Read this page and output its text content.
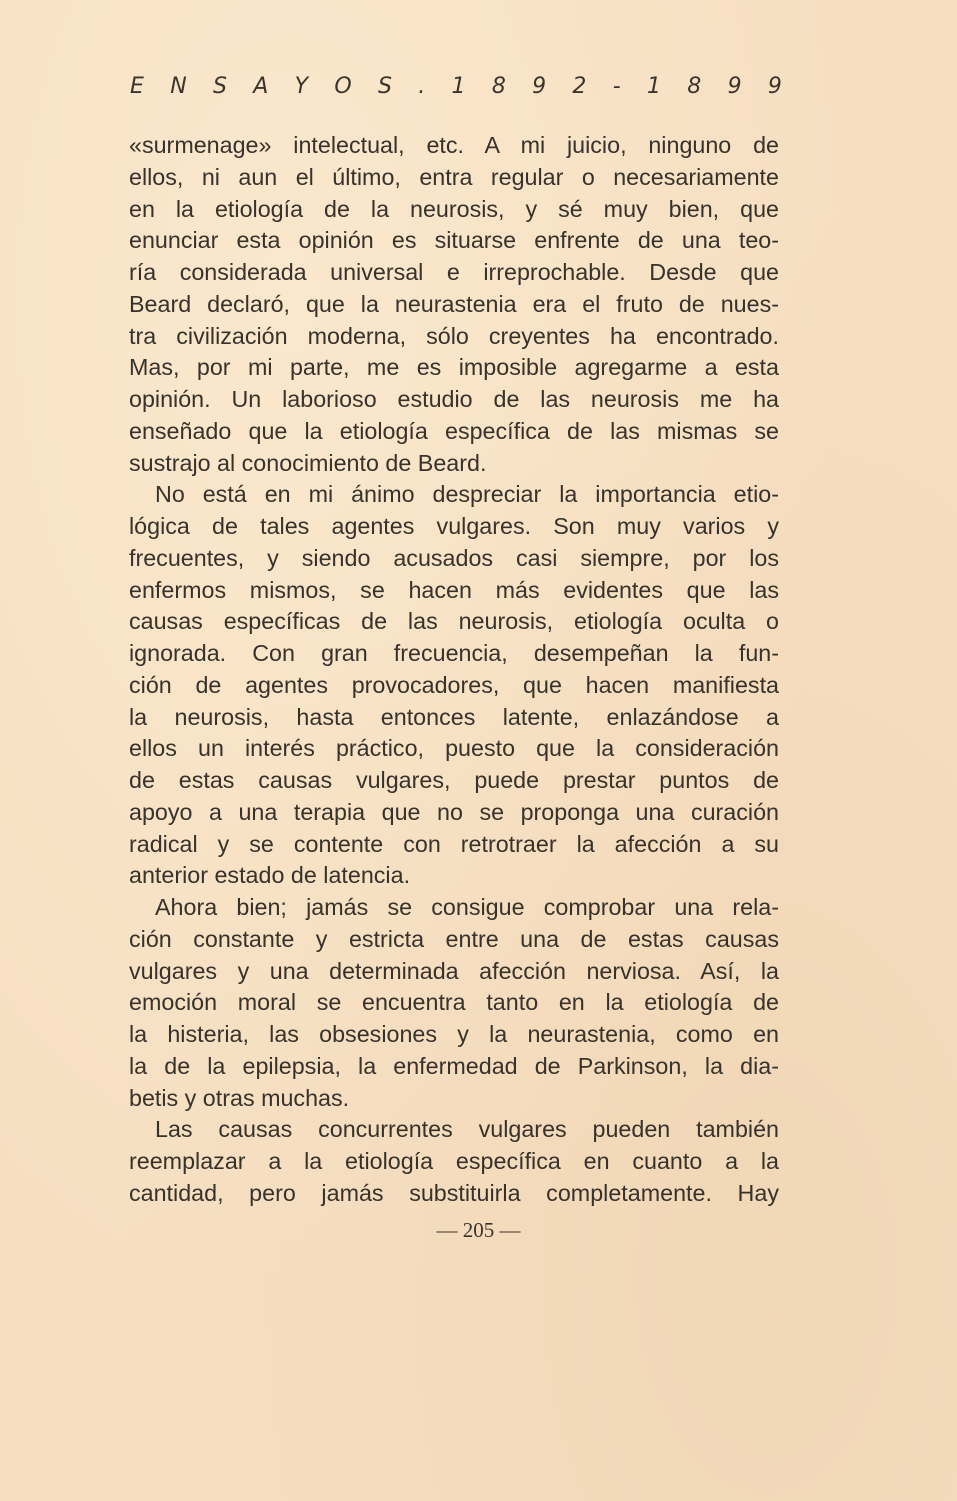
E N S A Y O S . 1 8 9 2 - 1 8 9 9
«surmenage» intelectual, etc. A mi juicio, ninguno de
ellos, ni aun el último, entra regular o necesariamente
en la etiología de la neurosis, y sé muy bien, que
enunciar esta opinión es situarse enfrente de una teo-
ría considerada universal e irreprochable. Desde que
Beard declaró, que la neurastenia era el fruto de nues-
tra civilización moderna, sólo creyentes ha encontrado.
Mas, por mi parte, me es imposible agregarme a esta
opinión. Un laborioso estudio de las neurosis me ha
enseñado que la etiología específica de las mismas se
sustrajo al conocimiento de Beard.
No está en mi ánimo despreciar la importancia etio-
lógica de tales agentes vulgares. Son muy varios y
frecuentes, y siendo acusados casi siempre, por los
enfermos mismos, se hacen más evidentes que las
causas específicas de las neurosis, etiología oculta o
ignorada. Con gran frecuencia, desempeñan la fun-
ción de agentes provocadores, que hacen manifiesta
la neurosis, hasta entonces latente, enlazándose a
ellos un interés práctico, puesto que la consideración
de estas causas vulgares, puede prestar puntos de
apoyo a una terapia que no se proponga una curación
radical y se contente con retrotraer la afección a su
anterior estado de latencia.
Ahora bien; jamás se consigue comprobar una rela-
ción constante y estricta entre una de estas causas
vulgares y una determinada afección nerviosa. Así, la
emoción moral se encuentra tanto en la etiología de
la histeria, las obsesiones y la neurastenia, como en
la de la epilepsia, la enfermedad de Parkinson, la dia-
betis y otras muchas.
Las causas concurrentes vulgares pueden también
reemplazar a la etiología específica en cuanto a la
cantidad, pero jamás substituirla completamente. Hay
— 205 —
